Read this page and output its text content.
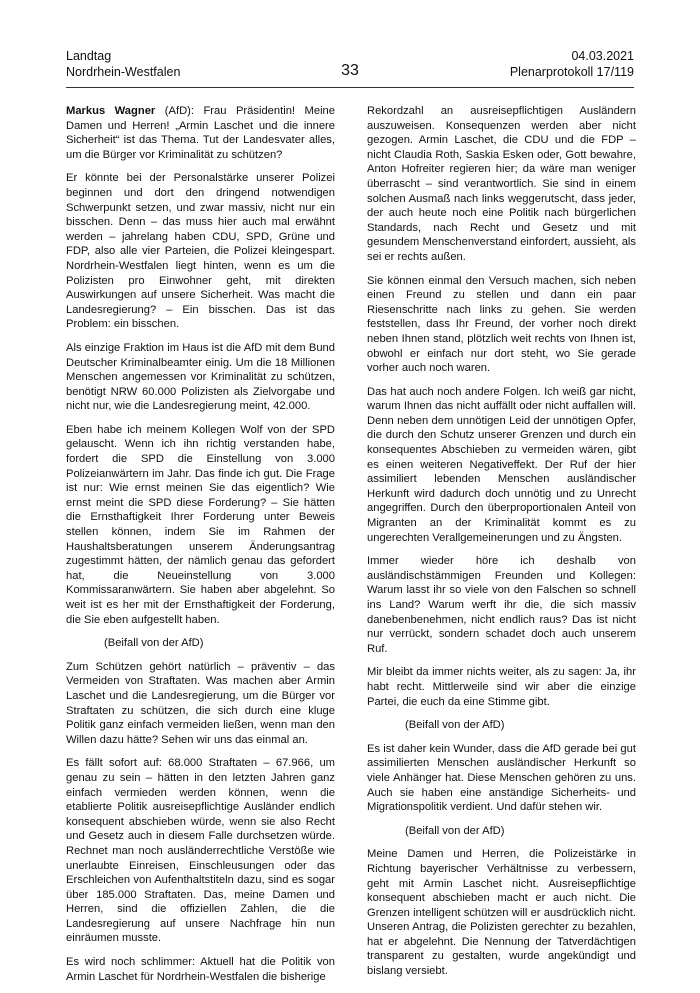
Landtag
Nordrhein-Westfalen	33
04.03.2021
Plenarprotokoll 17/119

Markus Wagner (AfD): Frau Präsidentin! Meine Damen und Herren! „Armin Laschet und die innere Sicherheit“ ist das Thema. Tut der Landesvater alles, um die Bürger vor Kriminalität zu schützen?

Er könnte bei der Personalstärke unserer Polizei beginnen und dort den dringend notwendigen Schwerpunkt setzen, und zwar massiv, nicht nur ein bisschen. Denn – das muss hier auch mal erwähnt werden – jahrelang haben CDU, SPD, Grüne und FDP, also alle vier Parteien, die Polizei kleingespart. Nordrhein-Westfalen liegt hinten, wenn es um die Polizisten pro Einwohner geht, mit direkten Auswirkungen auf unsere Sicherheit. Was macht die Landesregierung? – Ein bisschen. Das ist das Problem: ein bisschen.

Als einzige Fraktion im Haus ist die AfD mit dem Bund Deutscher Kriminalbeamter einig. Um die 18 Millionen Menschen angemessen vor Kriminalität zu schützen, benötigt NRW 60.000 Polizisten als Zielvorgabe und nicht nur, wie die Landesregierung meint, 42.000.

Eben habe ich meinem Kollegen Wolf von der SPD gelauscht. Wenn ich ihn richtig verstanden habe, fordert die SPD die Einstellung von 3.000 Polizeianwärtern im Jahr. Das finde ich gut. Die Frage ist nur: Wie ernst meinen Sie das eigentlich? Wie ernst meint die SPD diese Forderung? – Sie hätten die Ernsthaftigkeit Ihrer Forderung unter Beweis stellen können, indem Sie im Rahmen der Haushaltsberatungen unserem Änderungsantrag zugestimmt hätten, der nämlich genau das gefordert hat, die Neueinstellung von 3.000 Kommissaranwärtern. Sie haben aber abgelehnt. So weit ist es her mit der Ernsthaftigkeit der Forderung, die Sie eben aufgestellt haben.

(Beifall von der AfD)

Zum Schützen gehört natürlich – präventiv – das Vermeiden von Straftaten. Was machen aber Armin Laschet und die Landesregierung, um die Bürger vor Straftaten zu schützen, die sich durch eine kluge Politik ganz einfach vermeiden ließen, wenn man den Willen dazu hätte? Sehen wir uns das einmal an.

Es fällt sofort auf: 68.000 Straftaten – 67.966, um genau zu sein – hätten in den letzten Jahren ganz einfach vermieden werden können, wenn die etablierte Politik ausreisepflichtige Ausländer endlich konsequent abschieben würde, wenn sie also Recht und Gesetz auch in diesem Falle durchsetzen würde. Rechnet man noch ausländerrechtliche Verstöße wie unerlaubte Einreisen, Einschleusungen oder das Erschleichen von Aufenthaltstiteln dazu, sind es sogar über 185.000 Straftaten. Das, meine Damen und Herren, sind die offiziellen Zahlen, die die Landesregierung auf unsere Nachfrage hin nun einräumen musste.

Es wird noch schlimmer: Aktuell hat die Politik von Armin Laschet für Nordrhein-Westfalen die bisherige

Rekordzahl an ausreisepflichtigen Ausländern auszuweisen. Konsequenzen werden aber nicht gezogen. Armin Laschet, die CDU und die FDP – nicht Claudia Roth, Saskia Esken oder, Gott bewahre, Anton Hofreiter regieren hier; da wäre man weniger überrascht – sind verantwortlich. Sie sind in einem solchen Ausmaß nach links weggerutscht, dass jeder, der auch heute noch eine Politik nach bürgerlichen Standards, nach Recht und Gesetz und mit gesundem Menschenverstand einfordert, aussieht, als sei er rechts außen.

Sie können einmal den Versuch machen, sich neben einen Freund zu stellen und dann ein paar Riesenschritte nach links zu gehen. Sie werden feststellen, dass Ihr Freund, der vorher noch direkt neben Ihnen stand, plötzlich weit rechts von Ihnen ist, obwohl er einfach nur dort steht, wo Sie gerade vorher auch noch waren.

Das hat auch noch andere Folgen. Ich weiß gar nicht, warum Ihnen das nicht auffällt oder nicht auffallen will. Denn neben dem unnötigen Leid der unnötigen Opfer, die durch den Schutz unserer Grenzen und durch ein konsequentes Abschieben zu vermeiden wären, gibt es einen weiteren Negativeffekt. Der Ruf der hier assimiliert lebenden Menschen ausländischer Herkunft wird dadurch doch unnötig und zu Unrecht angegriffen. Durch den überproportionalen Anteil von Migranten an der Kriminalität kommt es zu ungerechten Verallgemeinerungen und zu Ängsten.

Immer wieder höre ich deshalb von ausländischstämmigen Freunden und Kollegen: Warum lasst ihr so viele von den Falschen so schnell ins Land? Warum werft ihr die, die sich massiv danebenbenehmen, nicht endlich raus? Das ist nicht nur verrückt, sondern schadet doch auch unserem Ruf.

Mir bleibt da immer nichts weiter, als zu sagen: Ja, ihr habt recht. Mittlerweile sind wir aber die einzige Partei, die euch da eine Stimme gibt.

(Beifall von der AfD)

Es ist daher kein Wunder, dass die AfD gerade bei gut assimilierten Menschen ausländischer Herkunft so viele Anhänger hat. Diese Menschen gehören zu uns. Auch sie haben eine anständige Sicherheits- und Migrationspolitik verdient. Und dafür stehen wir.

(Beifall von der AfD)

Meine Damen und Herren, die Polizeistärke in Richtung bayerischer Verhältnisse zu verbessern, geht mit Armin Laschet nicht. Ausreisepflichtige konsequent abschieben macht er auch nicht. Die Grenzen intelligent schützen will er ausdrücklich nicht. Unseren Antrag, die Polizisten gerechter zu bezahlen, hat er abgelehnt. Die Nennung der Tatverdächtigen transparent zu gestalten, wurde angekündigt und bislang versiebt.
